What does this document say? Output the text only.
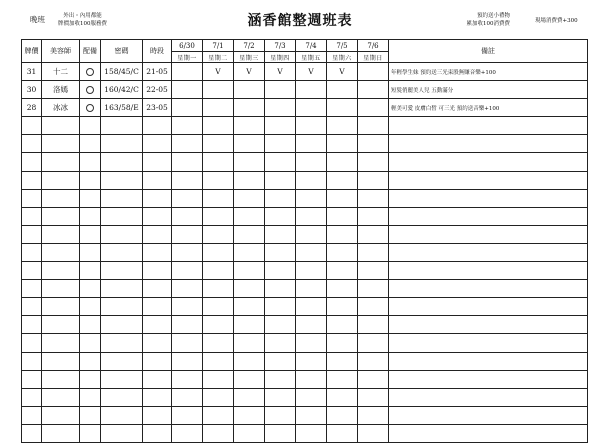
晚班	外出・內用都能
牌價加收100服務費	涵香館整週班表	預約送小禮物
累加收100消費費	現場消費費+300
牌價	美容師	配備	密碼	時段	6/30	7/1	7/2	7/3	7/4	7/5	7/6	備註
					星期一	星期二	星期三	星期四	星期五	星期六	星期日	
31	十二		158/45/C	21-05		V	V	V	V	V		年輕學生妹 預約送三光束股無賺音樂+100
30	洛嫣		160/42/C	22-05								短髮俏麗美人兒 五動滿分
28	冰冰		163/58/E	23-05								輕美可愛 皮膚白皙 可三光 預約送音樂+100
